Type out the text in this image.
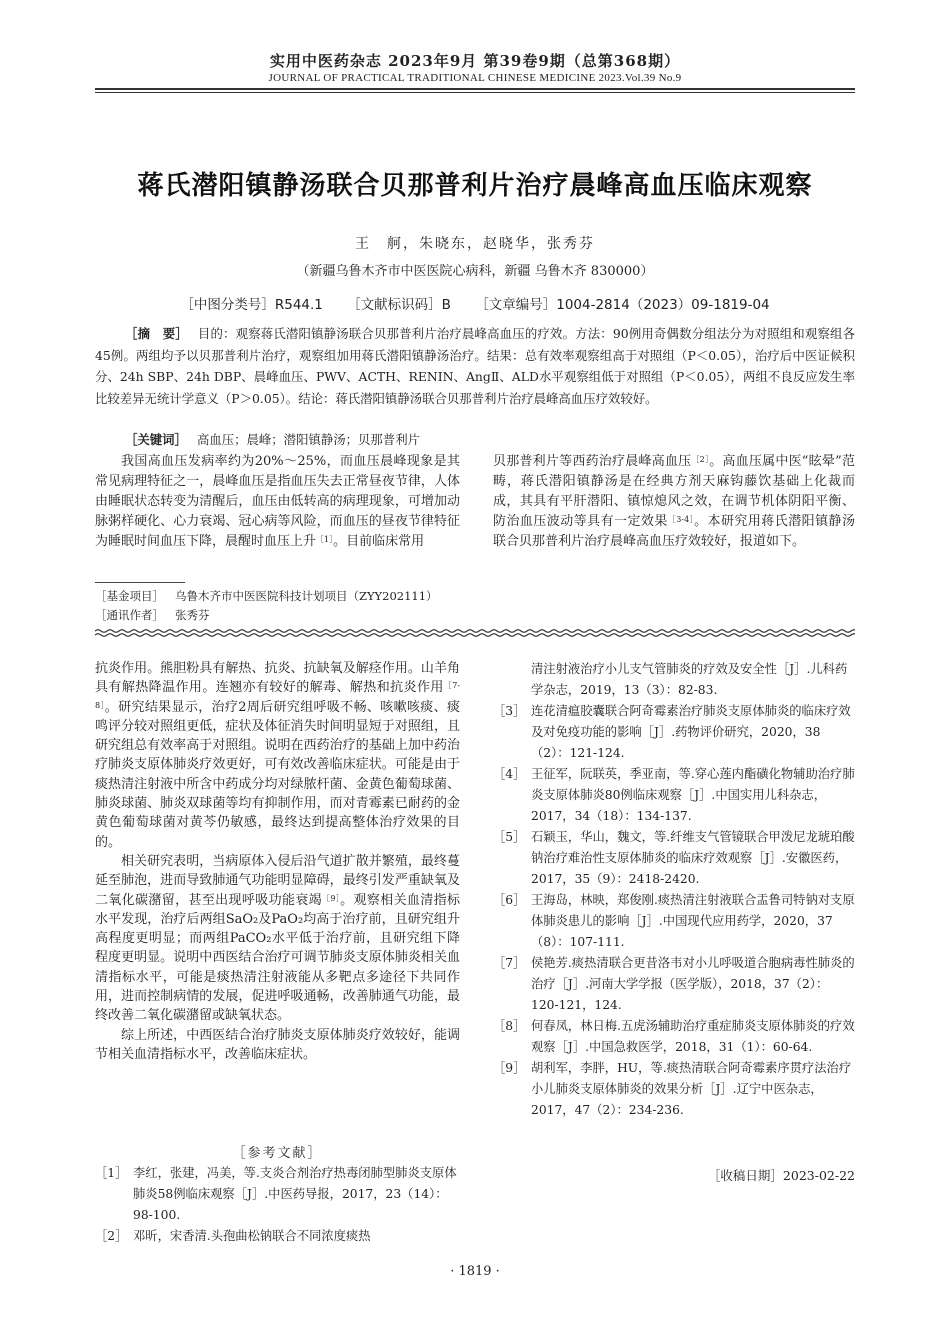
实用中医药杂志 2023年9月 第39卷9期（总第368期）
JOURNAL OF PRACTICAL TRADITIONAL CHINESE MEDICINE 2023.Vol.39 No.9
蒋氏潜阳镇静汤联合贝那普利片治疗晨峰高血压临床观察
王　舸，朱晓东，赵晓华，张秀芬
（新疆乌鲁木齐市中医医院心病科，新疆 乌鲁木齐 830000）
［中图分类号］R544.1 ［文献标识码］B ［文章编号］1004-2814（2023）09-1819-04
［摘　要］ 目的：观察蒋氏潜阳镇静汤联合贝那普利片治疗晨峰高血压的疗效。方法：90例用奇偶数分组法分为对照组和观察组各45例。两组均予以贝那普利片治疗，观察组加用蒋氏潜阳镇静汤治疗。结果：总有效率观察组高于对照组（P＜0.05），治疗后中医证候积分、24h SBP、24h DBP、晨峰血压、PWV、ACTH、RENIN、AngⅡ、ALD水平观察组低于对照组（P＜0.05），两组不良反应发生率比较差异无统计学意义（P＞0.05）。结论：蒋氏潜阳镇静汤联合贝那普利片治疗晨峰高血压疗效较好。
［关键词］ 高血压；晨峰；潜阳镇静汤；贝那普利片

我国高血压发病率约为20%～25%，而血压晨峰现象是其常见病理特征之一，晨峰血压是指血压失去正常昼夜节律，人体由睡眠状态转变为清醒后，血压由低转高的病理现象，可增加动脉粥样硬化、心力衰竭、冠心病等风险，而血压的昼夜节律特征为睡眠时间血压下降，晨醒时血压上升$^{[1]}$。目前临床常用

贝那普利片等西药治疗晨峰高血压$^{[2]}$。高血压属中医“眩晕”范畴，蒋氏潜阳镇静汤是在经典方剂天麻钩藤饮基础上化裁而成，其具有平肝潜阳、镇惊熄风之效，在调节机体阴阳平衡、防治血压波动等具有一定效果$^{[3-4]}$。本研究用蒋氏潜阳镇静汤联合贝那普利片治疗晨峰高血压疗效较好，报道如下。

［基金项目］ 乌鲁木齐市中医医院科技计划项目（ZYY202111）
［通讯作者］ 张秀芬

抗炎作用。熊胆粉具有解热、抗炎、抗缺氧及解痉作用。山羊角具有解热降温作用。连翘亦有较好的解毒、解热和抗炎作用$^{[7-8]}$。研究结果显示，治疗2周后研究组呼吸不畅、咳嗽咳痰、痰鸣评分较对照组更低，症状及体征消失时间明显短于对照组，且研究组总有效率高于对照组。说明在西药治疗的基础上加中药治疗肺炎支原体肺炎疗效更好，可有效改善临床症状。可能是由于痰热清注射液中所含中药成分均对绿脓杆菌、金黄色葡萄球菌、肺炎球菌、肺炎双球菌等均有抑制作用，而对青霉素已耐药的金黄色葡萄球菌对黄芩仍敏感，最终达到提高整体治疗效果的目的。

相关研究表明，当病原体入侵后沿气道扩散并繁殖，最终蔓延至肺泡，进而导致肺通气功能明显障碍，最终引发严重缺氧及二氧化碳潴留，甚至出现呼吸功能衰竭$^{[9]}$。观察相关血清指标水平发现，治疗后两组SaO₂及PaO₂均高于治疗前，且研究组升高程度更明显；而两组PaCO₂水平低于治疗前，且研究组下降程度更明显。说明中西医结合治疗可调节肺炎支原体肺炎相关血清指标水平，可能是痰热清注射液能从多靶点多途径下共同作用，进而控制病情的发展，促进呼吸通畅，改善肺通气功能，最终改善二氧化碳潴留或缺氧状态。

综上所述，中西医结合治疗肺炎支原体肺炎疗效较好，能调节相关血清指标水平，改善临床症状。

［参考文献］
［1］ 李红，张建，冯美，等.支炎合剂治疗热毒闭肺型肺炎支原体肺炎58例临床观察［J］.中医药导报，2017，23（14）：98-100.
［2］ 邓昕，宋香清.头孢曲松钠联合不同浓度痰热
清注射液治疗小儿支气管肺炎的疗效及安全性［J］.儿科药学杂志，2019，13（3）：82-83.
［3］ 连花清瘟胶囊联合阿奇霉素治疗肺炎支原体肺炎的临床疗效及对免疫功能的影响［J］.药物评价研究，2020，38（2）：121-124.
［4］ 王征军，阮联英，季亚南，等.穿心莲内酯磺化物辅助治疗肺炎支原体肺炎80例临床观察［J］.中国实用儿科杂志，2017，34（18）：134-137.
［5］ 石颖玉，华山，魏文，等.纤维支气管镜联合甲泼尼龙琥珀酸钠治疗难治性支原体肺炎的临床疗效观察［J］.安徽医药，2017，35（9）：2418-2420.
［6］ 王海岛，林映，郑俊刚.痰热清注射液联合盂鲁司特钠对支原体肺炎患儿的影响［J］.中国现代应用药学，2020，37（8）：107-111.
［7］ 侯艳芳.痰热清联合更昔洛韦对小儿呼吸道合胞病毒性肺炎的治疗［J］.河南大学学报（医学版），2018，37（2）：120-121，124.
［8］ 何春凤，林日梅.五虎汤辅助治疗重症肺炎支原体肺炎的疗效观察［J］.中国急救医学，2018，31（1）：60-64.
［9］ 胡利军，李胖，HU，等.痰热清联合阿奇霉素序贯疗法治疗小儿肺炎支原体肺炎的效果分析［J］.辽宁中医杂志，2017，47（2）：234-236.
［收稿日期］2023-02-22
· 1819 ·
